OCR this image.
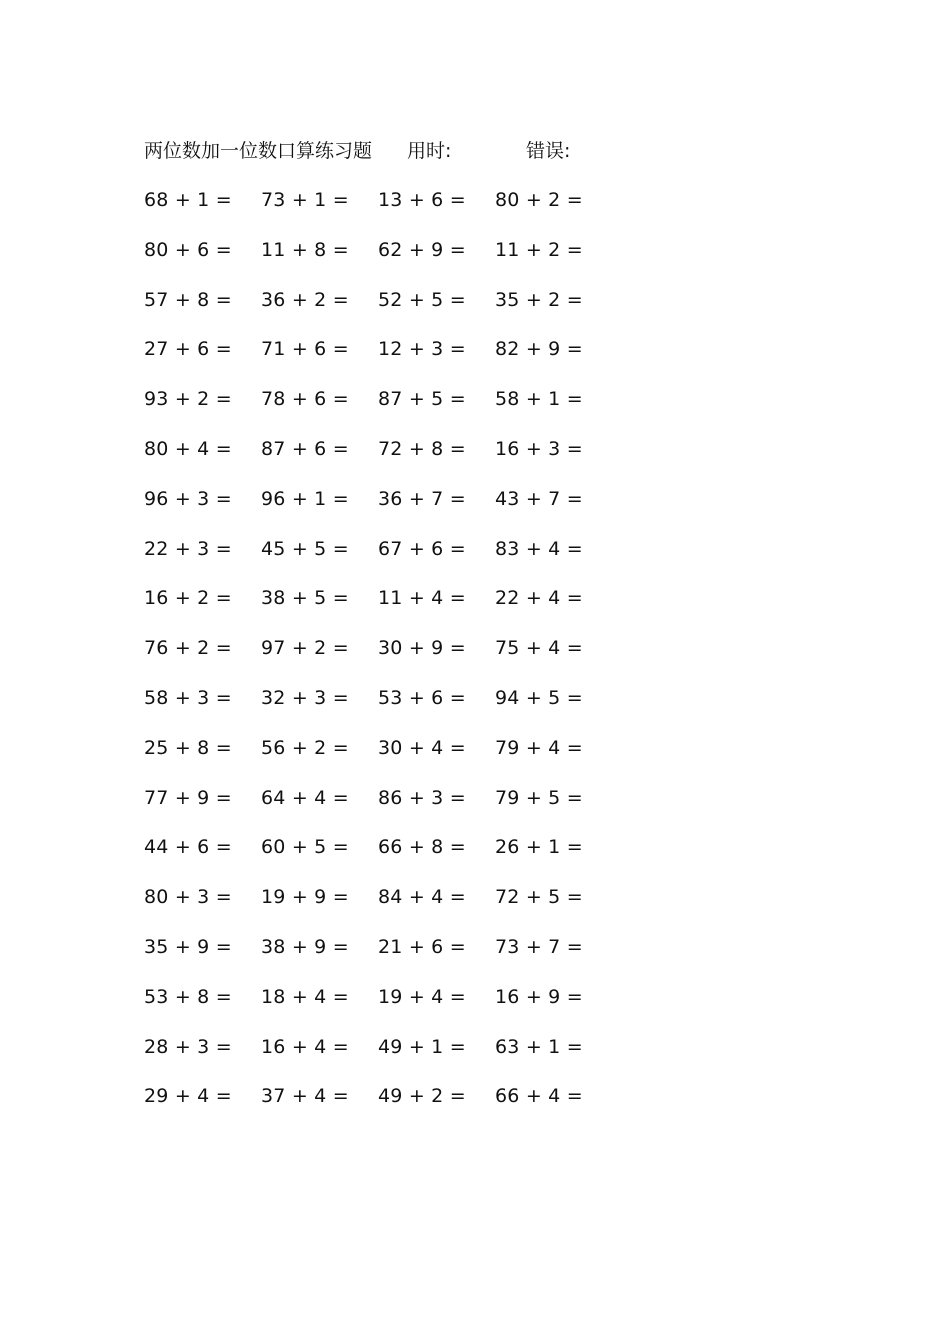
两位数加一位数口算练习题 用时:	错误:
68 + 1 = 73 + 1 = 13 + 6 = 80 + 2 =
80 + 6 = 11 + 8 = 62 + 9 = 11 + 2 =
57 + 8 = 36 + 2 = 52 + 5 = 35 + 2 =
27 + 6 = 71 + 6 = 12 + 3 = 82 + 9 =
93 + 2 = 78 + 6 = 87 + 5 = 58 + 1 =
80 + 4 = 87 + 6 = 72 + 8 = 16 + 3 =
96 + 3 = 96 + 1 = 36 + 7 = 43 + 7 =
22 + 3 = 45 + 5 = 67 + 6 = 83 + 4 =
16 + 2 = 38 + 5 = 11 + 4 = 22 + 4 =
76 + 2 = 97 + 2 = 30 + 9 = 75 + 4 =
58 + 3 = 32 + 3 = 53 + 6 = 94 + 5 =
25 + 8 = 56 + 2 = 30 + 4 = 79 + 4 =
77 + 9 = 64 + 4 = 86 + 3 = 79 + 5 =
44 + 6 = 60 + 5 = 66 + 8 = 26 + 1 =
80 + 3 = 19 + 9 = 84 + 4 = 72 + 5 =
35 + 9 = 38 + 9 = 21 + 6 = 73 + 7 =
53 + 8 = 18 + 4 = 19 + 4 = 16 + 9 =
28 + 3 = 16 + 4 = 49 + 1 = 63 + 1 =
29 + 4 = 37 + 4 = 49 + 2 = 66 + 4 =
